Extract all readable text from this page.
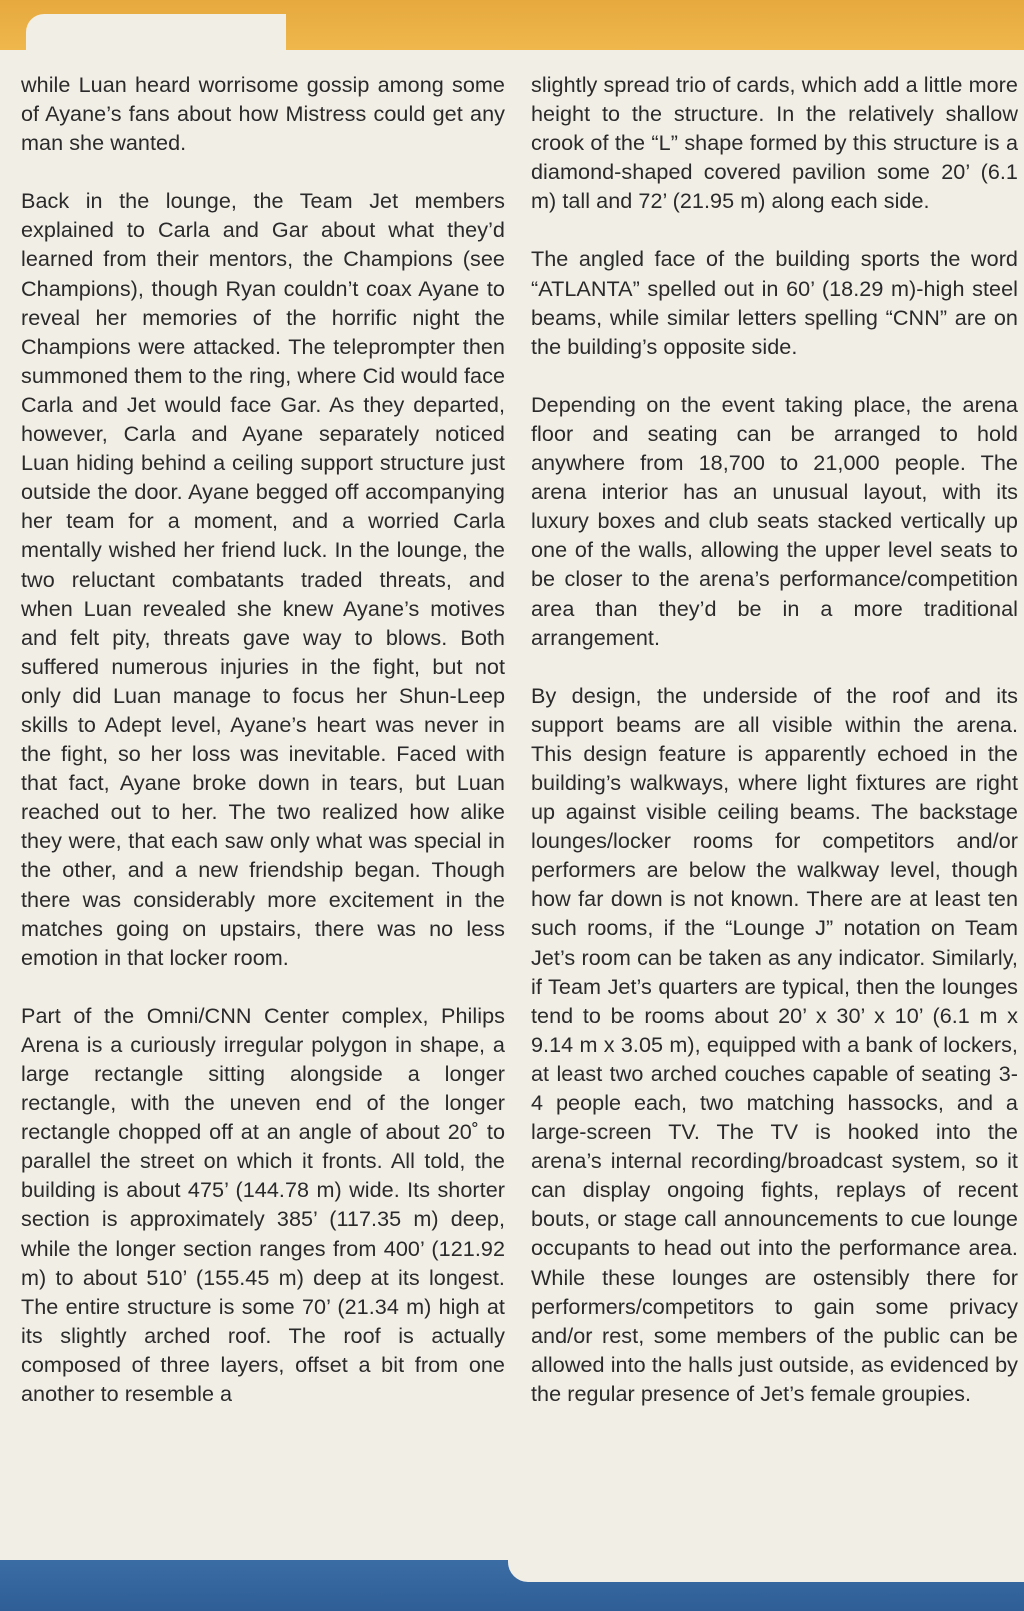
while Luan heard worrisome gossip among some of Ayane’s fans about how Mistress could get any man she wanted.

Back in the lounge, the Team Jet members explained to Carla and Gar about what they’d learned from their mentors, the Champions (see Champions), though Ryan couldn’t coax Ayane to reveal her memories of the horrific night the Champions were attacked. The teleprompter then summoned them to the ring, where Cid would face Carla and Jet would face Gar. As they departed, however, Carla and Ayane separately noticed Luan hiding behind a ceiling support structure just outside the door. Ayane begged off accompanying her team for a moment, and a worried Carla mentally wished her friend luck. In the lounge, the two reluctant combatants traded threats, and when Luan revealed she knew Ayane’s motives and felt pity, threats gave way to blows. Both suffered numerous injuries in the fight, but not only did Luan manage to focus her Shun-Leep skills to Adept level, Ayane’s heart was never in the fight, so her loss was inevitable. Faced with that fact, Ayane broke down in tears, but Luan reached out to her. The two realized how alike they were, that each saw only what was special in the other, and a new friendship began. Though there was considerably more excitement in the matches going on upstairs, there was no less emotion in that locker room.

Part of the Omni/CNN Center complex, Philips Arena is a curiously irregular polygon in shape, a large rectangle sitting alongside a longer rectangle, with the uneven end of the longer rectangle chopped off at an angle of about 20˚ to parallel the street on which it fronts. All told, the building is about 475’ (144.78 m) wide. Its shorter section is approximately 385’ (117.35 m) deep, while the longer section ranges from 400’ (121.92 m) to about 510’ (155.45 m) deep at its longest. The entire structure is some 70’ (21.34 m) high at its slightly arched roof. The roof is actually composed of three layers, offset a bit from one another to resemble a

slightly spread trio of cards, which add a little more height to the structure. In the relatively shallow crook of the “L” shape formed by this structure is a diamond-shaped covered pavilion some 20’ (6.1 m) tall and 72’ (21.95 m) along each side.

The angled face of the building sports the word “ATLANTA” spelled out in 60’ (18.29 m)-high steel beams, while similar letters spelling “CNN” are on the building’s opposite side.

Depending on the event taking place, the arena floor and seating can be arranged to hold anywhere from 18,700 to 21,000 people. The arena interior has an unusual layout, with its luxury boxes and club seats stacked vertically up one of the walls, allowing the upper level seats to be closer to the arena’s performance/competition area than they’d be in a more traditional arrangement.

By design, the underside of the roof and its support beams are all visible within the arena. This design feature is apparently echoed in the building’s walkways, where light fixtures are right up against visible ceiling beams. The backstage lounges/locker rooms for competitors and/or performers are below the walkway level, though how far down is not known. There are at least ten such rooms, if the “Lounge J” notation on Team Jet’s room can be taken as any indicator. Similarly, if Team Jet’s quarters are typical, then the lounges tend to be rooms about 20’ x 30’ x 10’ (6.1 m x 9.14 m x 3.05 m), equipped with a bank of lockers, at least two arched couches capable of seating 3-4 people each, two matching hassocks, and a large-screen TV. The TV is hooked into the arena’s internal recording/broadcast system, so it can display ongoing fights, replays of recent bouts, or stage call announcements to cue lounge occupants to head out into the performance area. While these lounges are ostensibly there for performers/competitors to gain some privacy and/or rest, some members of the public can be allowed into the halls just outside, as evidenced by the regular presence of Jet’s female groupies.
